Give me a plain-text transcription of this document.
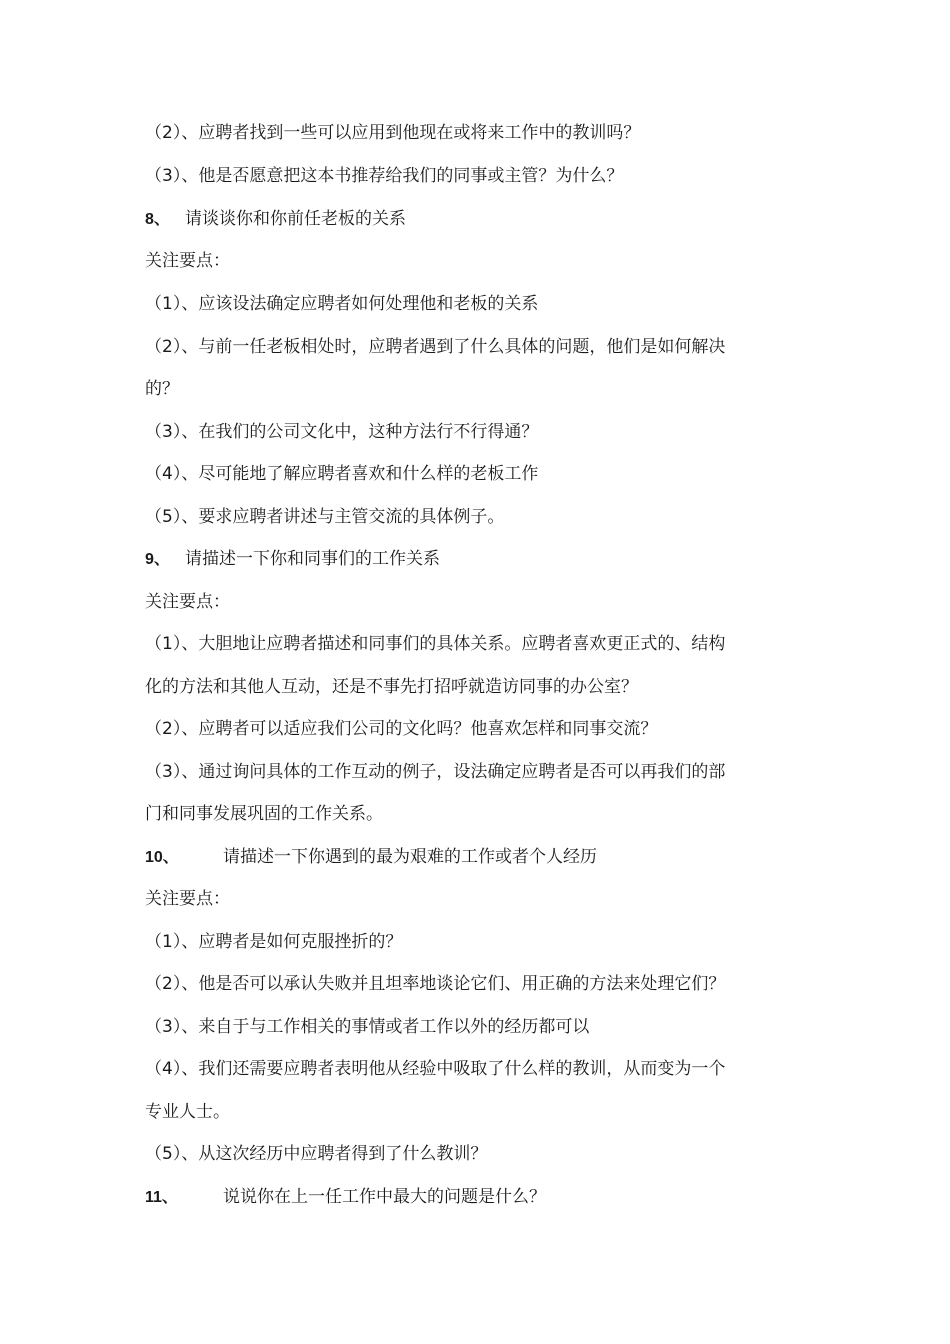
（2）、应聘者找到一些可以应用到他现在或将来工作中的教训吗？
（3）、他是否愿意把这本书推荐给我们的同事或主管？为什么？
8、 请谈谈你和你前任老板的关系
关注要点：
（1）、应该设法确定应聘者如何处理他和老板的关系
（2）、与前一任老板相处时，应聘者遇到了什么具体的问题，他们是如何解决
的？
（3）、在我们的公司文化中，这种方法行不行得通？
（4）、尽可能地了解应聘者喜欢和什么样的老板工作
（5）、要求应聘者讲述与主管交流的具体例子。
9、 请描述一下你和同事们的工作关系
关注要点：
（1）、大胆地让应聘者描述和同事们的具体关系。应聘者喜欢更正式的、结构
化的方法和其他人互动，还是不事先打招呼就造访同事的办公室？
（2）、应聘者可以适应我们公司的文化吗？他喜欢怎样和同事交流？
（3）、通过询问具体的工作互动的例子，设法确定应聘者是否可以再我们的部
门和同事发展巩固的工作关系。
10、	请描述一下你遇到的最为艰难的工作或者个人经历
关注要点：
（1）、应聘者是如何克服挫折的？
（2）、他是否可以承认失败并且坦率地谈论它们、用正确的方法来处理它们？
（3）、来自于与工作相关的事情或者工作以外的经历都可以
（4）、我们还需要应聘者表明他从经验中吸取了什么样的教训，从而变为一个
专业人士。
（5）、从这次经历中应聘者得到了什么教训？
11、	说说你在上一任工作中最大的问题是什么？
